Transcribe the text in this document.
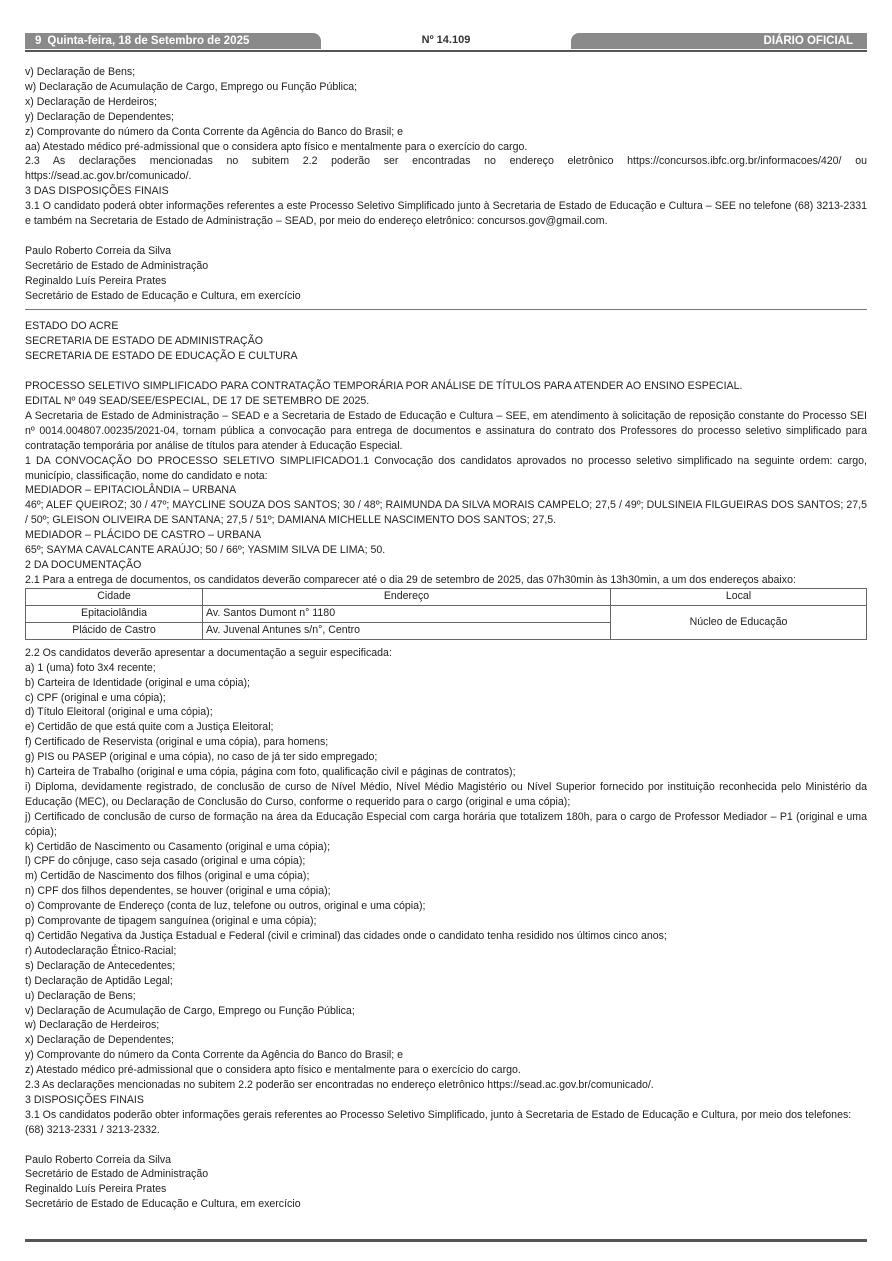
9 Quinta-feira, 18 de Setembro de 2025	Nº 14.109	DIÁRIO OFICIAL

v) Declaração de Bens;

w) Declaração de Acumulação de Cargo, Emprego ou Função Pública;

x) Declaração de Herdeiros;

y) Declaração de Dependentes;

z) Comprovante do número da Conta Corrente da Agência do Banco do Brasil; e

aa) Atestado médico pré-admissional que o considera apto físico e mentalmente para o exercício do cargo.

2.3 As declarações mencionadas no subitem 2.2 poderão ser encontradas no endereço eletrônico https://concursos.ibfc.org.br/informacoes/420/ ou https://sead.ac.gov.br/comunicado/.

3 DAS DISPOSIÇÕES FINAIS

3.1 O candidato poderá obter informações referentes a este Processo Seletivo Simplificado junto à Secretaria de Estado de Educação e Cultura – SEE no telefone (68) 3213-2331 e também na Secretaria de Estado de Administração – SEAD, por meio do endereço eletrônico: concursos.gov@gmail.com.

Paulo Roberto Correia da Silva

Secretário de Estado de Administração

Reginaldo Luís Pereira Prates

Secretário de Estado de Educação e Cultura, em exercício

ESTADO DO ACRE

SECRETARIA DE ESTADO DE ADMINISTRAÇÃO

SECRETARIA DE ESTADO DE EDUCAÇÃO E CULTURA

PROCESSO SELETIVO SIMPLIFICADO PARA CONTRATAÇÃO TEMPORÁRIA POR ANÁLISE DE TÍTULOS PARA ATENDER AO ENSINO ESPECIAL.

EDITAL Nº 049 SEAD/SEE/ESPECIAL, DE 17 DE SETEMBRO DE 2025.

A Secretaria de Estado de Administração – SEAD e a Secretaria de Estado de Educação e Cultura – SEE, em atendimento à solicitação de reposição constante do Processo SEI nº 0014.004807.00235/2021-04, tornam pública a convocação para entrega de documentos e assinatura do contrato dos Professores do processo seletivo simplificado para contratação temporária por análise de títulos para atender à Educação Especial.

1 DA CONVOCAÇÃO DO PROCESSO SELETIVO SIMPLIFICADO1.1 Convocação dos candidatos aprovados no processo seletivo simplificado na seguinte ordem: cargo, município, classificação, nome do candidato e nota:

MEDIADOR – EPITACIOLÂNDIA – URBANA

46º; ALEF QUEIROZ; 30 / 47º; MAYCLINE SOUZA DOS SANTOS; 30 / 48º; RAIMUNDA DA SILVA MORAIS CAMPELO; 27,5 / 49º; DULSINEIA FILGUEIRAS DOS SANTOS; 27,5 / 50º; GLEISON OLIVEIRA DE SANTANA; 27,5 / 51º; DAMIANA MICHELLE NASCIMENTO DOS SANTOS; 27,5.

MEDIADOR – PLÁCIDO DE CASTRO – URBANA

65º; SAYMA CAVALCANTE ARAÚJO; 50 / 66º; YASMIM SILVA DE LIMA; 50.

2 DA DOCUMENTAÇÃO

2.1 Para a entrega de documentos, os candidatos deverão comparecer até o dia 29 de setembro de 2025, das 07h30min às 13h30min, a um dos endereços abaixo:

Cidade	Endereço	Local
Epitaciolândia	Av. Santos Dumont n° 1180	Núcleo de Educação
Plácido de Castro	Av. Juvenal Antunes s/n°, Centro	

2.2 Os candidatos deverão apresentar a documentação a seguir especificada:

a) 1 (uma) foto 3x4 recente;

b) Carteira de Identidade (original e uma cópia);

c) CPF (original e uma cópia);

d) Título Eleitoral (original e uma cópia);

e) Certidão de que está quite com a Justiça Eleitoral;

f) Certificado de Reservista (original e uma cópia), para homens;

g) PIS ou PASEP (original e uma cópia), no caso de já ter sido empregado;

h) Carteira de Trabalho (original e uma cópia, página com foto, qualificação civil e páginas de contratos);

i) Diploma, devidamente registrado, de conclusão de curso de Nível Médio, Nível Médio Magistério ou Nível Superior fornecido por instituição reconhecida pelo Ministério da Educação (MEC), ou Declaração de Conclusão do Curso, conforme o requerido para o cargo (original e uma cópia);

j) Certificado de conclusão de curso de formação na área da Educação Especial com carga horária que totalizem 180h, para o cargo de Professor Mediador – P1 (original e uma cópia);

k) Certidão de Nascimento ou Casamento (original e uma cópia);

l) CPF do cônjuge, caso seja casado (original e uma cópia);

m) Certidão de Nascimento dos filhos (original e uma cópia);

n) CPF dos filhos dependentes, se houver (original e uma cópia);

o) Comprovante de Endereço (conta de luz, telefone ou outros, original e uma cópia);

p) Comprovante de tipagem sanguínea (original e uma cópia);

q) Certidão Negativa da Justiça Estadual e Federal (civil e criminal) das cidades onde o candidato tenha residido nos últimos cinco anos;

r) Autodeclaração Étnico-Racial;

s) Declaração de Antecedentes;

t) Declaração de Aptidão Legal;

u) Declaração de Bens;

v) Declaração de Acumulação de Cargo, Emprego ou Função Pública;

w) Declaração de Herdeiros;

x) Declaração de Dependentes;

y) Comprovante do número da Conta Corrente da Agência do Banco do Brasil; e

z) Atestado médico pré-admissional que o considera apto físico e mentalmente para o exercício do cargo.

2.3 As declarações mencionadas no subitem 2.2 poderão ser encontradas no endereço eletrônico https://sead.ac.gov.br/comunicado/.

3 DISPOSIÇÕES FINAIS

3.1 Os candidatos poderão obter informações gerais referentes ao Processo Seletivo Simplificado, junto à Secretaria de Estado de Educação e Cultura, por meio dos telefones: (68) 3213-2331 / 3213-2332.

Paulo Roberto Correia da Silva

Secretário de Estado de Administração

Reginaldo Luís Pereira Prates

Secretário de Estado de Educação e Cultura, em exercício
